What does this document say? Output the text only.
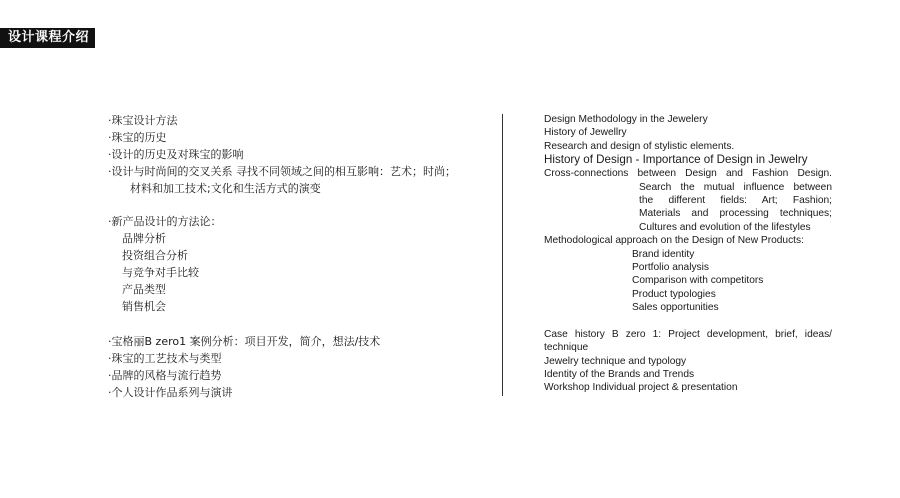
设计课程介绍
·珠宝设计方法
·珠宝的历史
·设计的历史及对珠宝的影响
·设计与时尚间的交叉关系 寻找不同领域之间的相互影响：艺术；时尚；
材料和加工技术;文化和生活方式的演变
·新产品设计的方法论：
品牌分析
投资组合分析
与竞争对手比较
产品类型
销售机会
·宝格丽B zero1 案例分析：项目开发，简介，想法/技术
·珠宝的工艺技术与类型
·品牌的风格与流行趋势
·个人设计作品系列与演讲
Design Methodology in the Jewelery
History of Jewellry
Research and design of stylistic elements.
History of Design - Importance of Design in Jewelry
Cross-connections between Design and Fashion Design.
Search the mutual influence between
the different fields: Art; Fashion;
Materials and processing techniques;
Cultures and evolution of the lifestyles
Methodological approach on the Design of New Products:
Brand identity
Portfolio analysis
Comparison with competitors
Product typologies
Sales opportunities
Case history B zero 1: Project development, brief, ideas/
technique
Jewelry technique and typology
Identity of the Brands and Trends
Workshop Individual project & presentation
